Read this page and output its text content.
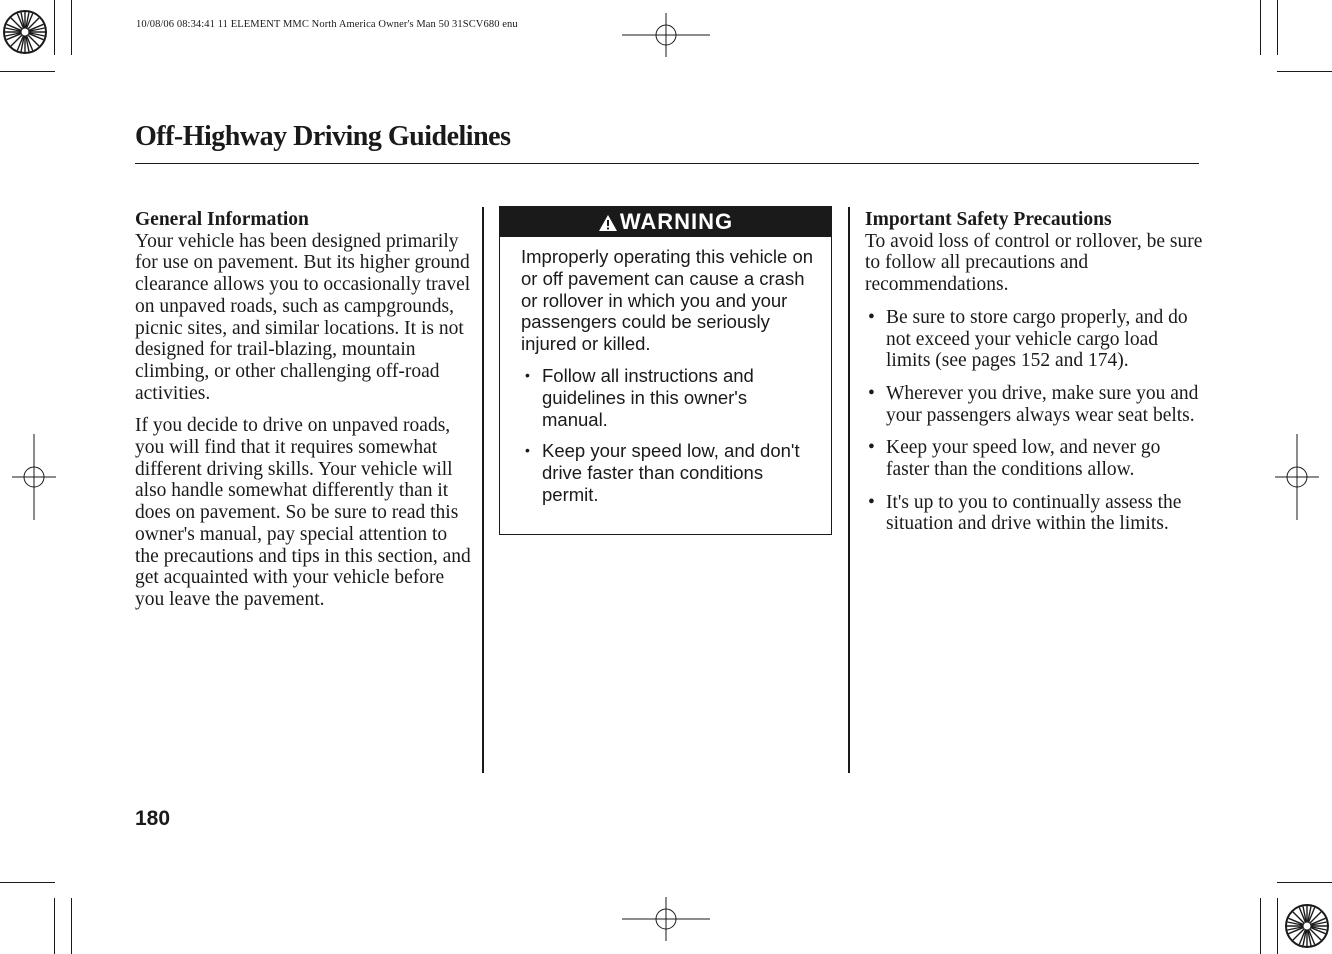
10/08/06 08:34:41 11 ELEMENT MMC North America Owner's Man 50 31SCV680 enu
Off-Highway Driving Guidelines

General Information
Your vehicle has been designed primarily for use on pavement. But its higher ground clearance allows you to occasionally travel on unpaved roads, such as campgrounds, picnic sites, and similar locations. It is not designed for trail-blazing, mountain climbing, or other challenging off-road activities.

If you decide to drive on unpaved roads, you will find that it requires somewhat different driving skills. Your vehicle will also handle somewhat differently than it does on pavement. So be sure to read this owner's manual, pay special attention to the precautions and tips in this section, and get acquainted with your vehicle before you leave the pavement.

WARNING

Improperly operating this vehicle on or off pavement can cause a crash or rollover in which you and your passengers could be seriously injured or killed.

• Follow all instructions and guidelines in this owner's manual.
• Keep your speed low, and don't drive faster than conditions permit.

Important Safety Precautions
To avoid loss of control or rollover, be sure to follow all precautions and recommendations.

• Be sure to store cargo properly, and do not exceed your vehicle cargo load limits (see pages 152 and 174).
• Wherever you drive, make sure you and your passengers always wear seat belts.
• Keep your speed low, and never go faster than the conditions allow.
• It's up to you to continually assess the situation and drive within the limits.
180
